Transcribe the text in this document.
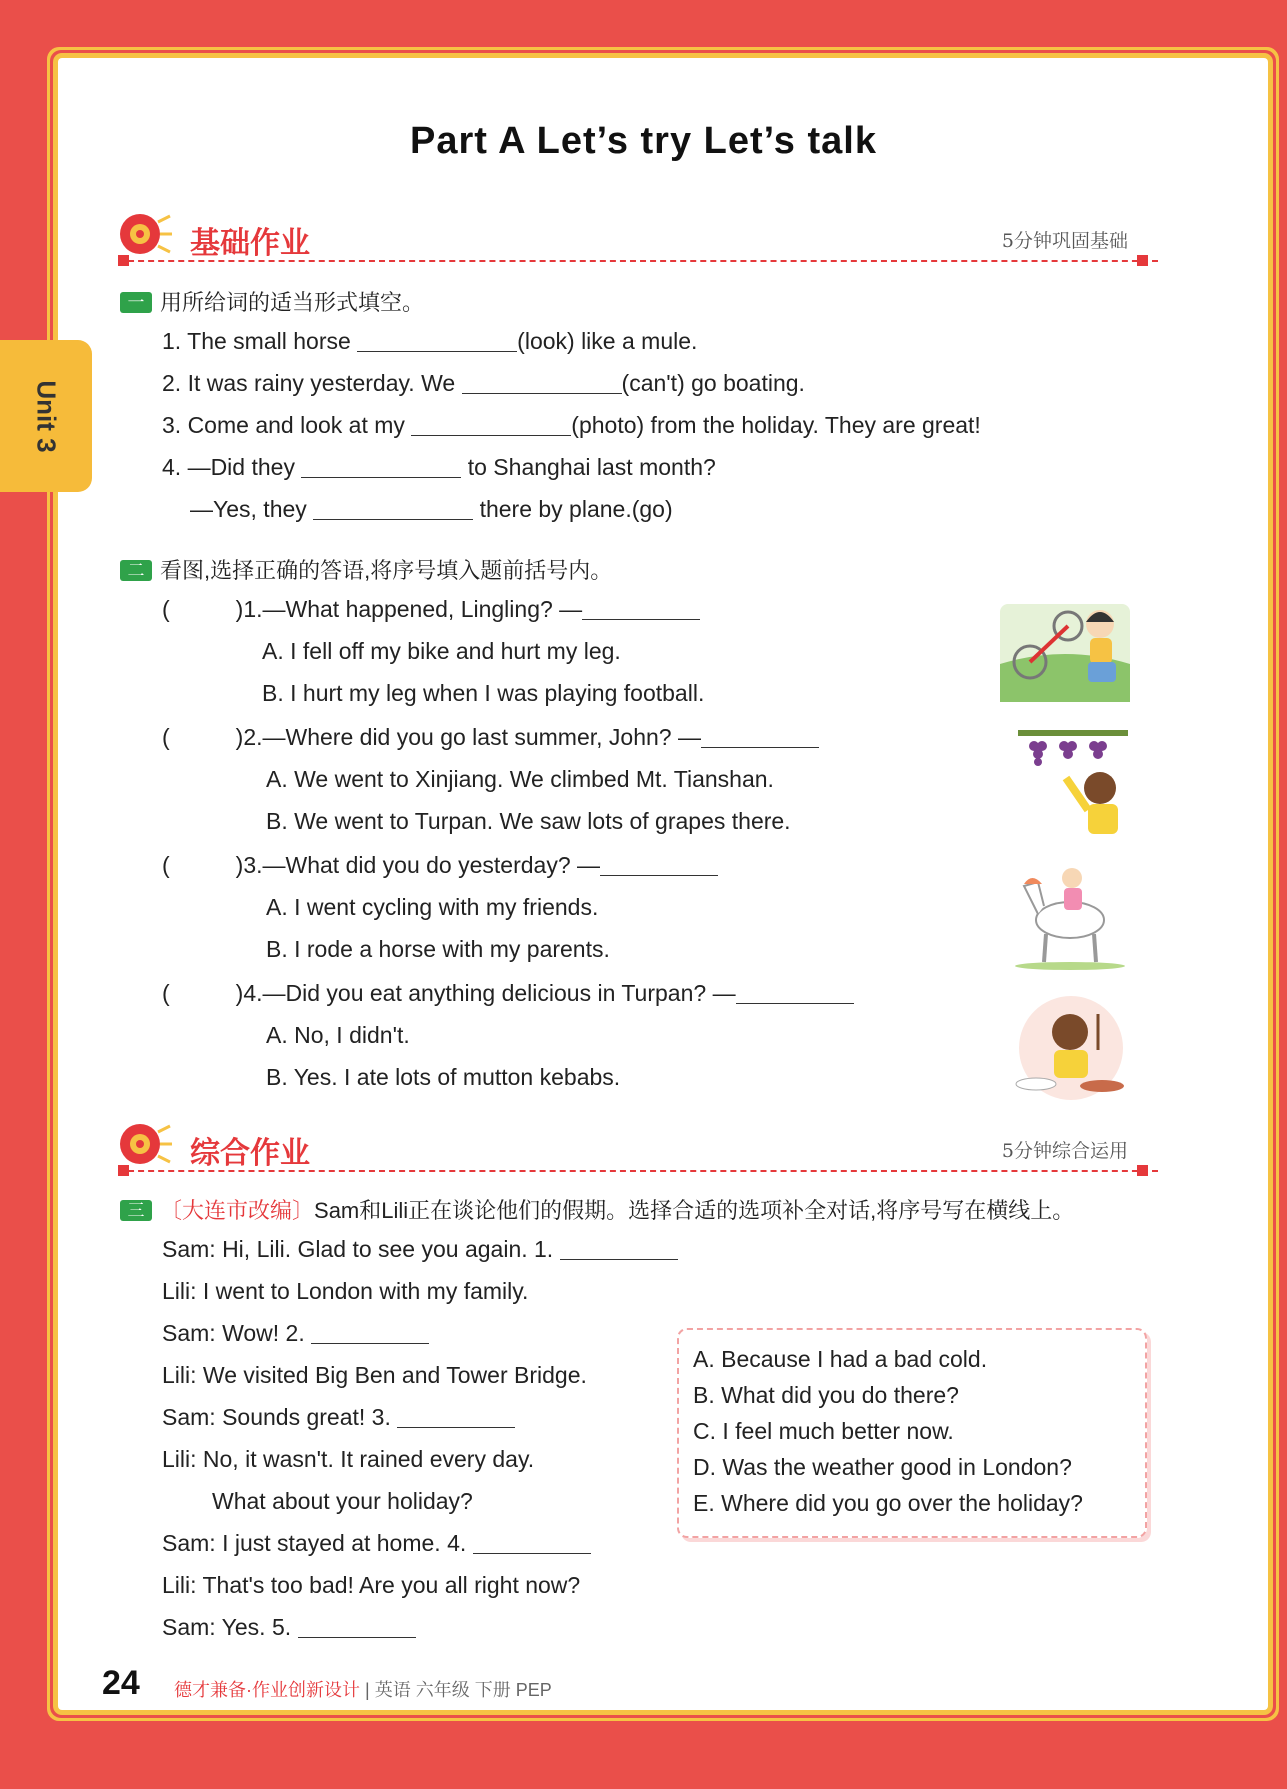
Unit 3
Part A Let’s try Let’s talk
基础作业	5分钟巩固基础
一 用所给词的适当形式填空。
1. The small horse	(look) like a mule.
2. It was rainy yesterday. We	(can't) go boating.
3. Come and look at my	(photo) from the holiday. They are great!
4. —Did they	to Shanghai last month?
—Yes, they	there by plane.(go)
二 看图,选择正确的答语,将序号填入题前括号内。
(	)1.—What happened, Lingling? —
A. I fell off my bike and hurt my leg.
B. I hurt my leg when I was playing football.
(	)2.—Where did you go last summer, John? —
A. We went to Xinjiang. We climbed Mt. Tianshan.
B. We went to Turpan. We saw lots of grapes there.
(	)3.—What did you do yesterday? —
A. I went cycling with my friends.
B. I rode a horse with my parents.
(	)4.—Did you eat anything delicious in Turpan? —
A. No, I didn't.
B. Yes. I ate lots of mutton kebabs.
综合作业	5分钟综合运用
三 〔大连市改编〕Sam和Lili正在谈论他们的假期。选择合适的选项补全对话,将序号写在横线上。
Sam: Hi, Lili. Glad to see you again. 1.
Lili: I went to London with my family.
Sam: Wow! 2.
Lili: We visited Big Ben and Tower Bridge.
Sam: Sounds great! 3.
Lili: No, it wasn't. It rained every day.
What about your holiday?
Sam: I just stayed at home. 4.
Lili: That's too bad! Are you all right now?
Sam: Yes. 5.
A. Because I had a bad cold.
B. What did you do there?
C. I feel much better now.
D. Was the weather good in London?
E. Where did you go over the holiday?
24 德才兼备·作业创新设计 | 英语 六年级 下册 PEP
